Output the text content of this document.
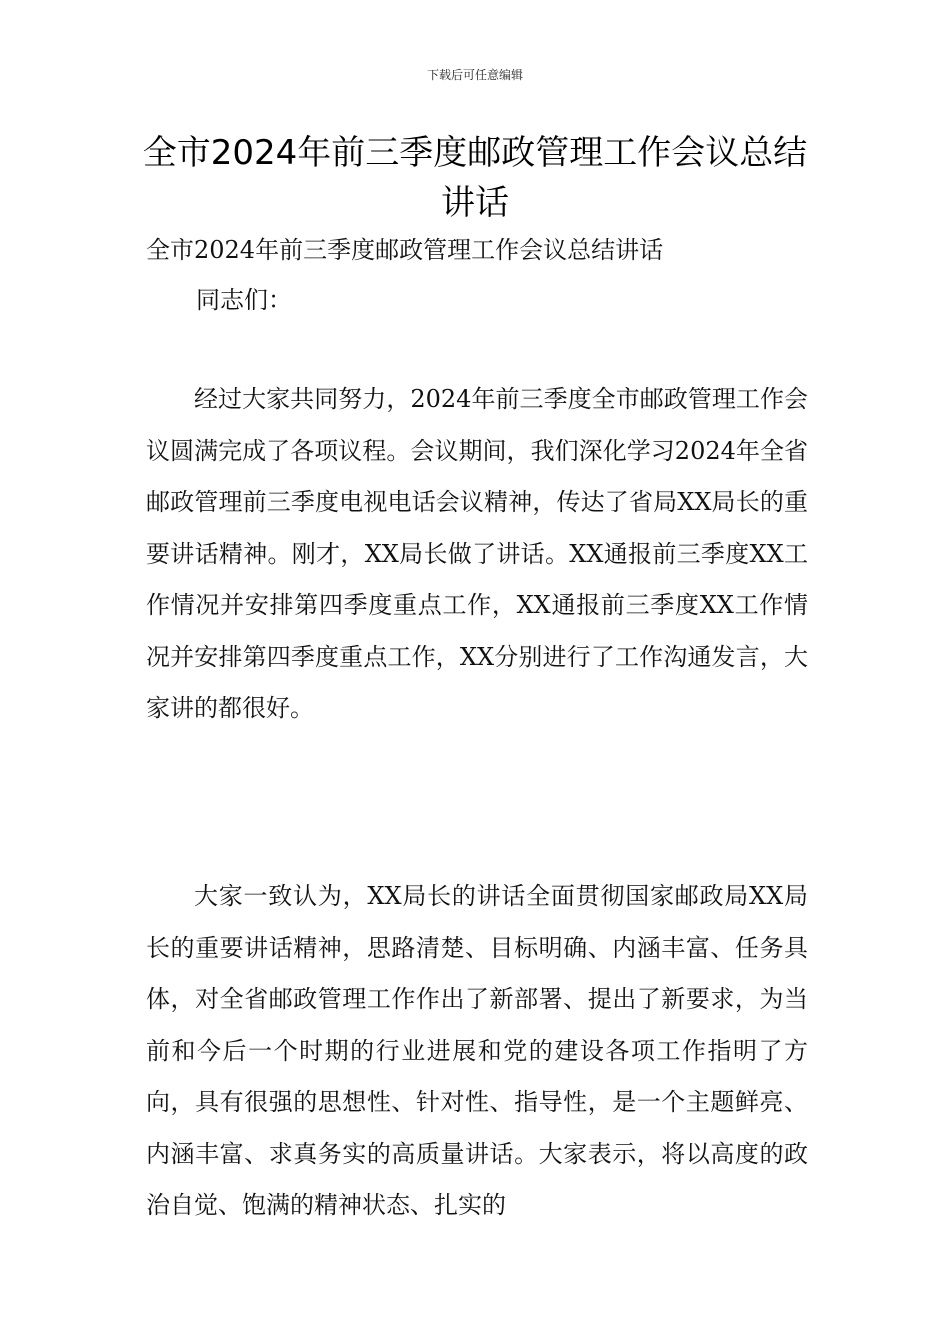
下载后可任意编辑
全市2024年前三季度邮政管理工作会议总结讲话
全市2024年前三季度邮政管理工作会议总结讲话
同志们：

经过大家共同努力，2024年前三季度全市邮政管理工作会议圆满完成了各项议程。会议期间，我们深化学习2024年全省邮政管理前三季度电视电话会议精神，传达了省局XX局长的重要讲话精神。刚才，XX局长做了讲话。XX通报前三季度XX工作情况并安排第四季度重点工作，XX通报前三季度XX工作情况并安排第四季度重点工作，XX分别进行了工作沟通发言，大家讲的都很好。

大家一致认为，XX局长的讲话全面贯彻国家邮政局XX局长的重要讲话精神，思路清楚、目标明确、内涵丰富、任务具体，对全省邮政管理工作作出了新部署、提出了新要求，为当前和今后一个时期的行业进展和党的建设各项工作指明了方向，具有很强的思想性、针对性、指导性，是一个主题鲜亮、内涵丰富、求真务实的高质量讲话。大家表示，将以高度的政治自觉、饱满的精神状态、扎实的
